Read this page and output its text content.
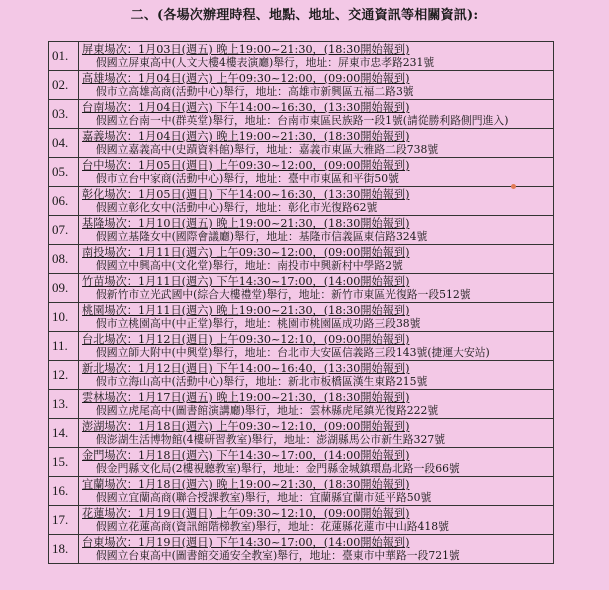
二、(各場次辦理時程、地點、地址、交通資訊等相關資訊):
01.	屏東場次：1月03日(週五) 晚上19:00~21:30，(18:30開始報到)
假國立屏東高中(人文大樓4樓表演廳)舉行，地址：屏東市忠孝路231號

02.	高雄場次：1月04日(週六) 上午09:30~12:00，(09:00開始報到)
假市立高雄高商(活動中心)舉行，地址：高雄市新興區五福二路3號

03.	台南場次：1月04日(週六) 下午14:00~16:30，(13:30開始報到)
假國立台南一中(群英堂)舉行，地址：台南市東區民族路一段1號(請從勝利路側門進入)

04.	嘉義場次：1月04日(週六) 晚上19:00~21:30，(18:30開始報到)
假國立嘉義高中(史蹟資料館)舉行，地址：嘉義市東區大雅路二段738號

05.	台中場次：1月05日(週日) 上午09:30~12:00，(09:00開始報到)
假市立台中家商(活動中心)舉行，地址：臺中市東區和平街50號

06.	彰化場次：1月05日(週日) 下午14:00~16:30，(13:30開始報到)
假國立彰化女中(活動中心)舉行，地址：彰化市光復路62號

07.	基隆場次：1月10日(週五) 晚上19:00~21:30，(18:30開始報到)
假國立基隆女中(國際會議廳)舉行，地址：基隆市信義區東信路324號

08.	南投場次：1月11日(週六) 上午09:30~12:00，(09:00開始報到)
假國立中興高中(文化堂)舉行，地址：南投市中興新村中學路2號

09.	竹苗場次：1月11日(週六) 下午14:30~17:00，(14:00開始報到)
假新竹市立光武國中(綜合大樓禮堂)舉行，地址：新竹市東區光復路一段512號

10.	桃園場次：1月11日(週六) 晚上19:00~21:30，(18:30開始報到)
假市立桃園高中(中正堂)舉行，地址：桃園市桃園區成功路三段38號

11.	台北場次：1月12日(週日) 上午09:30~12:10，(09:00開始報到)
假國立師大附中(中興堂)舉行，地址：台北市大安區信義路三段143號(捷運大安站)

12.	新北場次：1月12日(週日) 下午14:00~16:40，(13:30開始報到)
假市立海山高中(活動中心)舉行，地址：新北市板橋區漢生東路215號

13.	雲林場次：1月17日(週五) 晚上19:00~21:30，(18:30開始報到)
假國立虎尾高中(圖書館演講廳)舉行，地址：雲林縣虎尾鎮光復路222號

14.	澎湖場次：1月18日(週六) 上午09:30~12:10，(09:00開始報到)
假澎湖生活博物館(4樓研習教室)舉行，地址：澎湖縣馬公市新生路327號

15.	金門場次：1月18日(週六) 下午14:30~17:00，(14:00開始報到)
假金門縣文化局(2樓視聽教室)舉行，地址：金門縣金城鎮環島北路一段66號

16.	宜蘭場次：1月18日(週六) 晚上19:00~21:30，(18:30開始報到)
假國立宜蘭高商(聯合授課教室)舉行，地址：宜蘭縣宜蘭市延平路50號

17.	花蓮場次：1月19日(週日) 上午09:30~12:10，(09:00開始報到)
假國立花蓮高商(資訊館階梯教室)舉行，地址：花蓮縣花蓮市中山路418號

18.	台東場次：1月19日(週日) 下午14:30~17:00，(14:00開始報到)
假國立台東高中(圖書館交通安全教室)舉行，地址：臺東市中華路一段721號
